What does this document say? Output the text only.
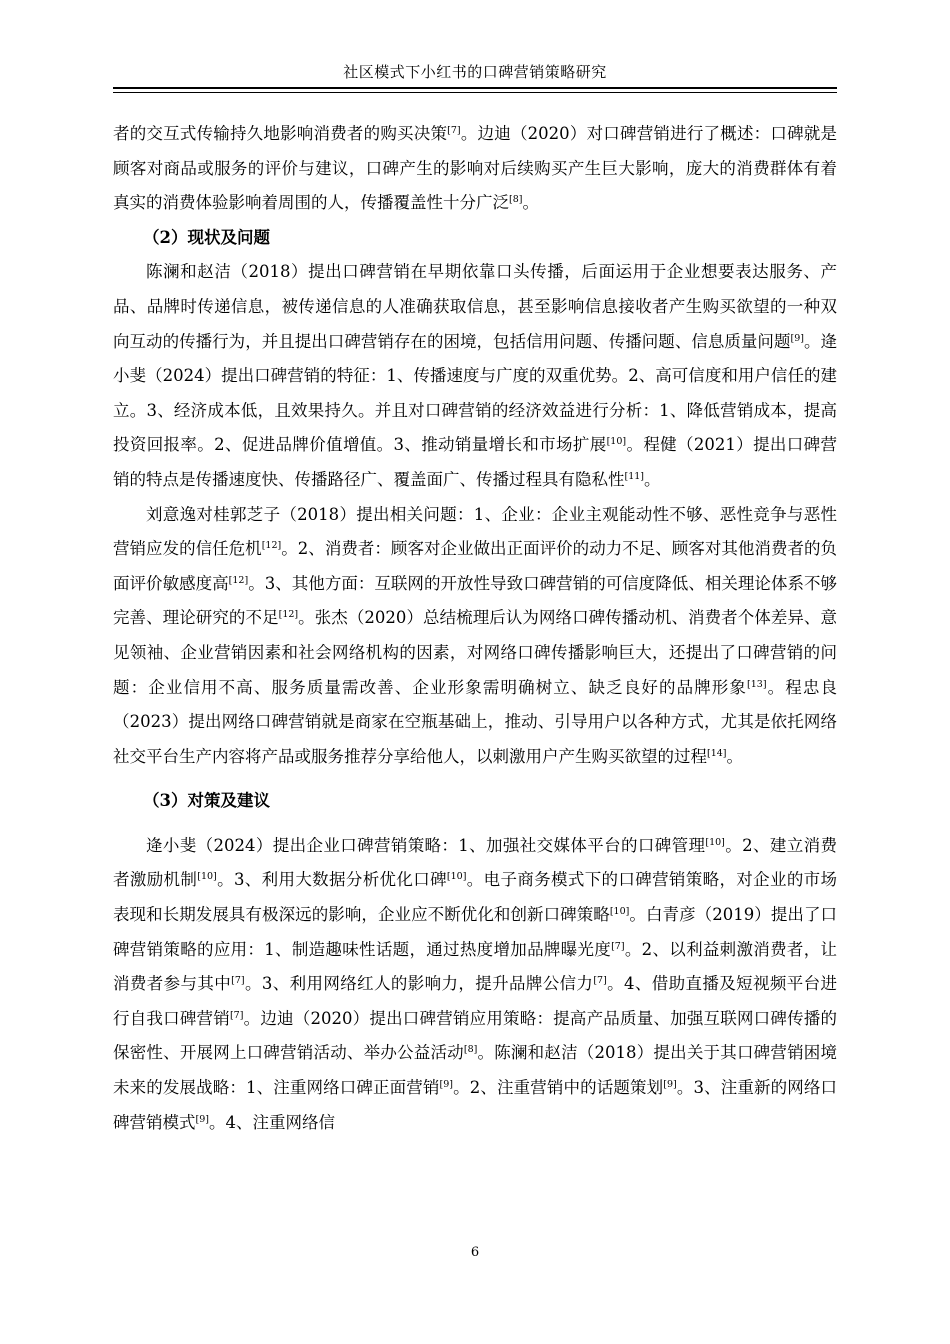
社区模式下小红书的口碑营销策略研究

者的交互式传输持久地影响消费者的购买决策[7]。边迪（2020）对口碑营销进行了概述：口碑就是顾客对商品或服务的评价与建议，口碑产生的影响对后续购买产生巨大影响，庞大的消费群体有着真实的消费体验影响着周围的人，传播覆盖性十分广泛[8]。

（2）现状及问题

陈澜和赵洁（2018）提出口碑营销在早期依靠口头传播，后面运用于企业想要表达服务、产品、品牌时传递信息，被传递信息的人准确获取信息，甚至影响信息接收者产生购买欲望的一种双向互动的传播行为，并且提出口碑营销存在的困境，包括信用问题、传播问题、信息质量问题[9]。逄小斐（2024）提出口碑营销的特征：1、传播速度与广度的双重优势。2、高可信度和用户信任的建立。3、经济成本低，且效果持久。并且对口碑营销的经济效益进行分析：1、降低营销成本，提高投资回报率。2、促进品牌价值增值。3、推动销量增长和市场扩展[10]。程健（2021）提出口碑营销的特点是传播速度快、传播路径广、覆盖面广、传播过程具有隐私性[11]。

刘意逸对桂郭芝子（2018）提出相关问题：1、企业：企业主观能动性不够、恶性竞争与恶性营销应发的信任危机[12]。2、消费者：顾客对企业做出正面评价的动力不足、顾客对其他消费者的负面评价敏感度高[12]。3、其他方面：互联网的开放性导致口碑营销的可信度降低、相关理论体系不够完善、理论研究的不足[12]。张杰（2020）总结梳理后认为网络口碑传播动机、消费者个体差异、意见领袖、企业营销因素和社会网络机构的因素，对网络口碑传播影响巨大，还提出了口碑营销的问题：企业信用不高、服务质量需改善、企业形象需明确树立、缺乏良好的品牌形象[13]。程忠良（2023）提出网络口碑营销就是商家在空瓶基础上，推动、引导用户以各种方式，尤其是依托网络社交平台生产内容将产品或服务推荐分享给他人，以刺激用户产生购买欲望的过程[14]。

（3）对策及建议

逄小斐（2024）提出企业口碑营销策略：1、加强社交媒体平台的口碑管理[10]。2、建立消费者激励机制[10]。3、利用大数据分析优化口碑[10]。电子商务模式下的口碑营销策略，对企业的市场表现和长期发展具有极深远的影响，企业应不断优化和创新口碑策略[10]。白青彦（2019）提出了口碑营销策略的应用：1、制造趣味性话题，通过热度增加品牌曝光度[7]。2、以利益刺激消费者，让消费者参与其中[7]。3、利用网络红人的影响力，提升品牌公信力[7]。4、借助直播及短视频平台进行自我口碑营销[7]。边迪（2020）提出口碑营销应用策略：提高产品质量、加强互联网口碑传播的保密性、开展网上口碑营销活动、举办公益活动[8]。陈澜和赵洁（2018）提出关于其口碑营销困境未来的发展战略：1、注重网络口碑正面营销[9]。2、注重营销中的话题策划[9]。3、注重新的网络口碑营销模式[9]。4、注重网络信

6
